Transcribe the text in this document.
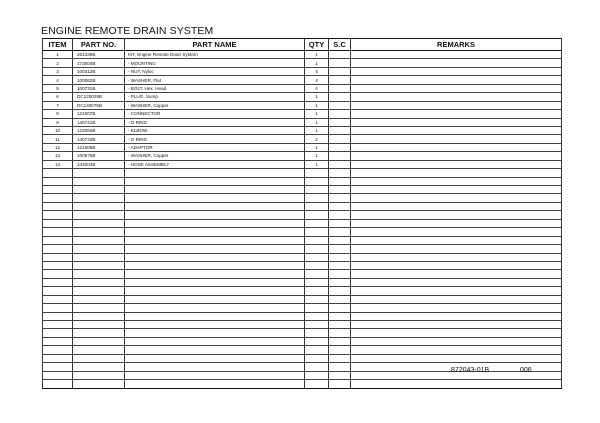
ENGINE REMOTE DRAIN SYSTEM
ITEM	PART NO.	PART NAME	QTY	S.C	REMARKS
1	261339B	KIT, Engine Remote Drain System	1		
2	173004B	- MOUNTING	1		
3	100312B	- NUT, Nyloc	4		
4	100062B	- WASHER, Flat	4		
5	100731B	- BOLT, Hex. Head	4		
6	DC120029B	- PLUG, Sump	1		
7	DC140075B	- WASHER, Copper	1		
8	121007B	- CONNECTOR	1		
9	140741B	- O RING	1		
10	122064B	- ELBOW	1		
11	140742B	- O RING	2		
12	121006B	- ADAPTOR	1		
13	100575B	- WASHER, Copper	1		
14	243204B	- HOSE ASSEMBLY	1		

872043-01B	006
